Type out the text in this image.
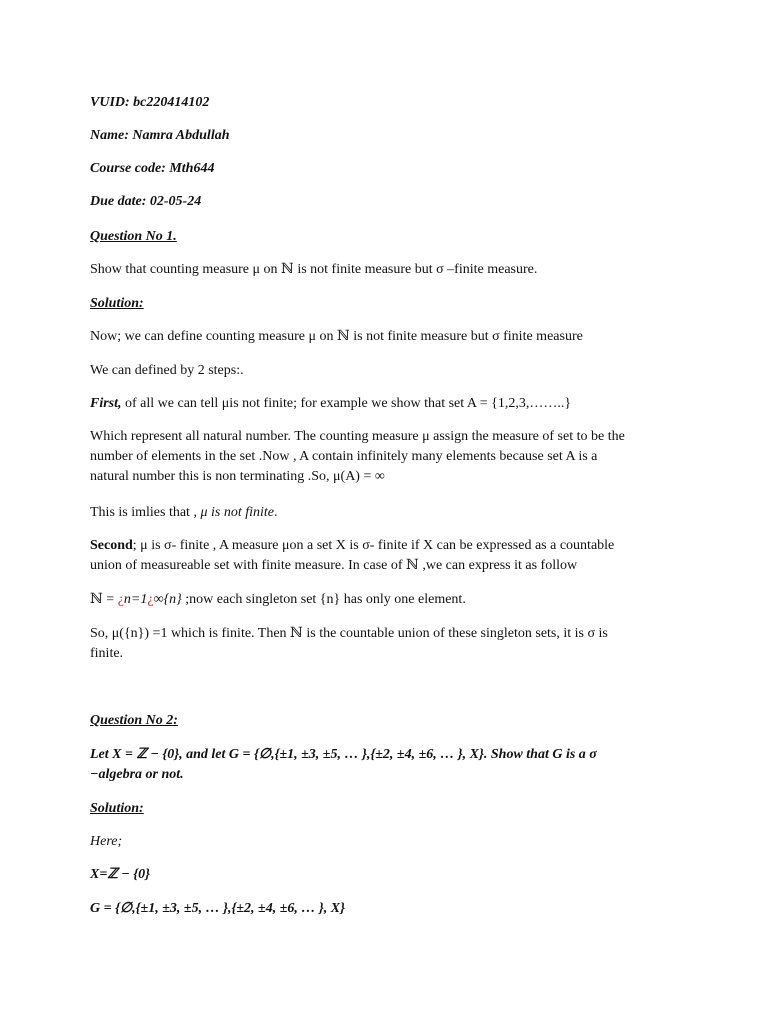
VUID: bc220414102
Name: Namra Abdullah
Course code: Mth644
Due date: 02-05-24
Question No 1.
Show that counting measure μ on ℕ is not finite measure but σ –finite measure.
Solution:
Now; we can define counting measure μ on ℕ is not finite measure but σ finite measure
We can defined by 2 steps:.
First, of all we can tell μis not finite; for example we show that set A = {1,2,3,……..}
Which represent all natural number. The counting measure μ assign the measure of set to be the
number of elements in the set .Now , A contain infinitely many elements because set A is a
natural number this is non terminating .So, μ(A) = ∞
This is imlies that , μ is not finite.
Second; μ is σ- finite , A measure μon a set X is σ- finite if X can be expressed as a countable
union of measureable set with finite measure. In case of ℕ ,we can express it as follow
ℕ = ¿n=1¿∞{n} ;now each singleton set {n} has only one element.
So, μ({n}) =1 which is finite. Then ℕ is the countable union of these singleton sets, it is σ is
finite.
Question No 2:
Let X = ℤ − {0}, and let G = {∅,{±1, ±3, ±5, … },{±2, ±4, ±6, … }, X}. Show that G is a σ
−algebra or not.
Solution:
Here;
X=ℤ − {0}
G = {∅,{±1, ±3, ±5, … },{±2, ±4, ±6, … }, X}
